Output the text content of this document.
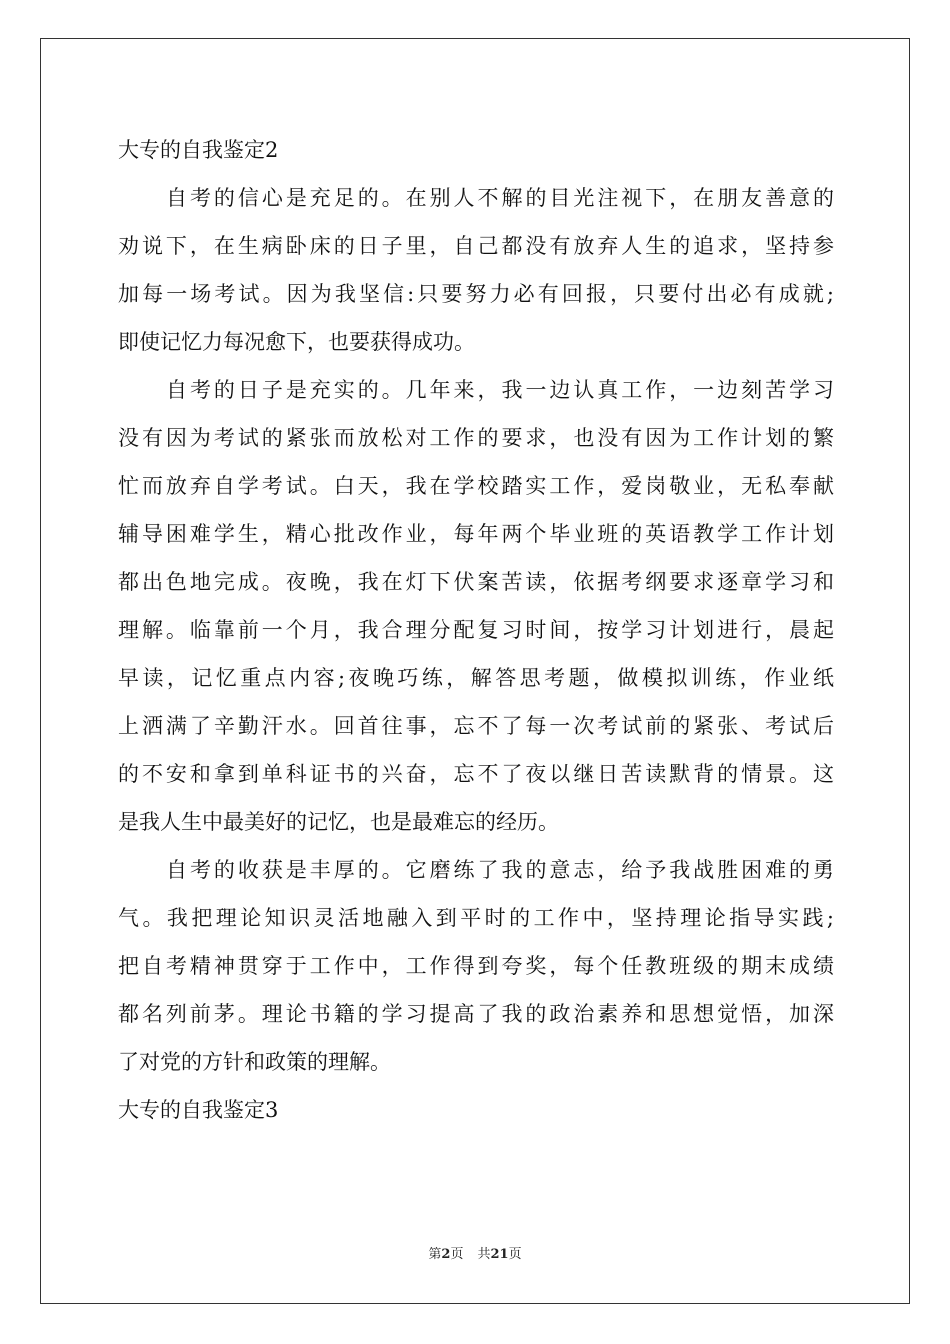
大专的自我鉴定2
自考的信心是充足的。在别人不解的目光注视下，在朋友善意的
劝说下，在生病卧床的日子里，自己都没有放弃人生的追求，坚持参
加每一场考试。因为我坚信:只要努力必有回报，只要付出必有成就;
即使记忆力每况愈下，也要获得成功。
自考的日子是充实的。几年来，我一边认真工作，一边刻苦学习
没有因为考试的紧张而放松对工作的要求，也没有因为工作计划的繁
忙而放弃自学考试。白天，我在学校踏实工作，爱岗敬业，无私奉献
辅导困难学生，精心批改作业，每年两个毕业班的英语教学工作计划
都出色地完成。夜晚，我在灯下伏案苦读，依据考纲要求逐章学习和
理解。临靠前一个月，我合理分配复习时间，按学习计划进行，晨起
早读，记忆重点内容;夜晚巧练，解答思考题，做模拟训练，作业纸
上洒满了辛勤汗水。回首往事，忘不了每一次考试前的紧张、考试后
的不安和拿到单科证书的兴奋，忘不了夜以继日苦读默背的情景。这
是我人生中最美好的记忆，也是最难忘的经历。
自考的收获是丰厚的。它磨练了我的意志，给予我战胜困难的勇
气。我把理论知识灵活地融入到平时的工作中，坚持理论指导实践;
把自考精神贯穿于工作中，工作得到夸奖，每个任教班级的期末成绩
都名列前茅。理论书籍的学习提高了我的政治素养和思想觉悟，加深
了对党的方针和政策的理解。
大专的自我鉴定3
第2页 共21页
